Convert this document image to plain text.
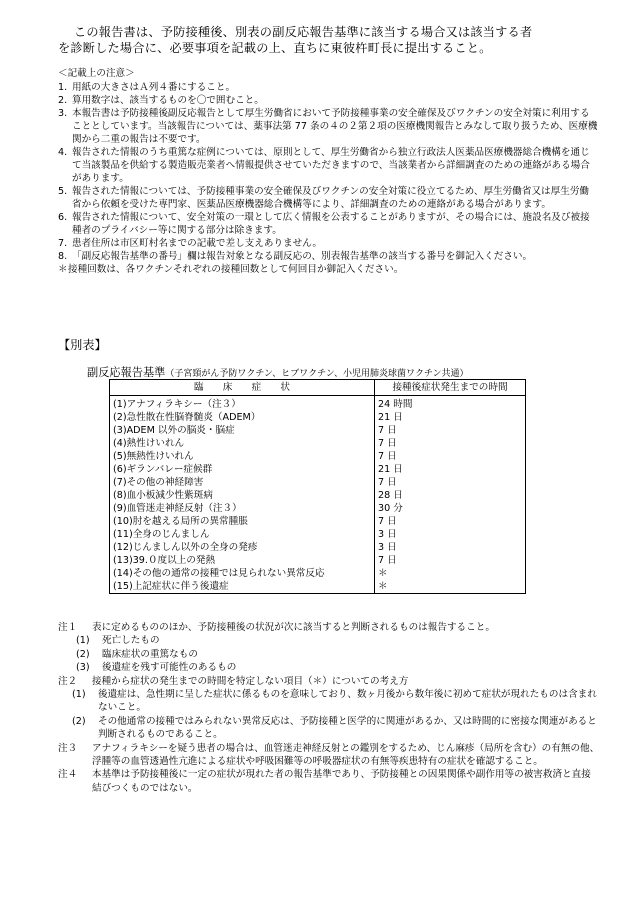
この報告書は、予防接種後、別表の副反応報告基準に該当する場合又は該当する者
を診断した場合に、必要事項を記載の上、直ちに東彼杵町長に提出すること。
＜記載上の注意＞
1. 用紙の大きさはＡ列４番にすること。
2. 算用数字は、該当するものを〇で囲むこと。
3. 本報告書は予防接種後副反応報告として厚生労働省において予防接種事業の安全確保及びワクチンの安全対策に利用することとしています。当該報告については、薬事法第 77 条の４の２第２項の医療機関報告とみなして取り扱うため、医療機関から二重の報告は不要です。
4. 報告された情報のうち重篤な症例については、原則として、厚生労働省から独立行政法人医薬品医療機器総合機構を通じて当該製品を供給する製造販売業者へ情報提供させていただきますので、当該業者から詳細調査のための連絡がある場合があります。
5. 報告された情報については、予防接種事業の安全確保及びワクチンの安全対策に役立てるため、厚生労働省又は厚生労働省から依頼を受けた専門家、医薬品医療機器総合機構等により、詳細調査のための連絡がある場合があります。
6. 報告された情報について、安全対策の一環として広く情報を公表することがありますが、その場合には、施設名及び被接種者のプライバシー等に関する部分は除きます。
7. 患者住所は市区町村名までの記載で差し支えありません。
8. 「副反応報告基準の番号」欄は報告対象となる副反応の、別表報告基準の該当する番号を御記入ください。
＊ 接種回数は、各ワクチンそれぞれの接種回数として何回目か御記入ください。
【別表】
副反応報告基準（子宮頸がん予防ワクチン、ヒブワクチン、小児用肺炎球菌ワクチン共通）
臨　　床　　症　　状	接種後症状発生までの時間
(1)アナフィラキシー（注３）	24 時間
(2)急性散在性脳脊髄炎（ADEM）	21 日
(3)ADEM 以外の脳炎・脳症	7 日
(4)熱性けいれん	7 日
(5)無熱性けいれん	7 日
(6)ギランバレー症候群	21 日
(7)その他の神経障害	7 日
(8)血小板減少性紫斑病	28 日
(9)血管迷走神経反射（注３）	30 分
(10)肘を越える局所の異常腫脹	7 日
(11)全身のじんましん	3 日
(12)じんましん以外の全身の発疹	3 日
(13)39.０度以上の発熱	7 日
(14)その他の通常の接種では見られない異常反応	＊
(15)上記症状に伴う後遺症	＊
注１	表に定めるもののほか、予防接種後の状況が次に該当すると判断されるものは報告すること。
(1)	死亡したもの
(2)	臨床症状の重篤なもの
(3)	後遺症を残す可能性のあるもの
注２	接種から症状の発生までの時間を特定しない項目（＊）についての考え方
(1)	後遺症は、急性期に呈した症状に係るものを意味しており、数ヶ月後から数年後に初めて症状が現れたものは含まれないこと。
(2)	その他通常の接種ではみられない異常反応は、予防接種と医学的に関連があるか、又は時間的に密接な関連があると判断されるものであること。
注３	アナフィラキシーを疑う患者の場合は、血管迷走神経反射との鑑別をするため、じん麻疹（局所を含む）の有無の他、浮腫等の血管透過性亢進による症状や呼吸困難等の呼吸器症状の有無等疾患特有の症状を確認すること。
注４	本基準は予防接種後に一定の症状が現れた者の報告基準であり、予防接種との因果関係や副作用等の被害救済と直接結びつくものではない。
